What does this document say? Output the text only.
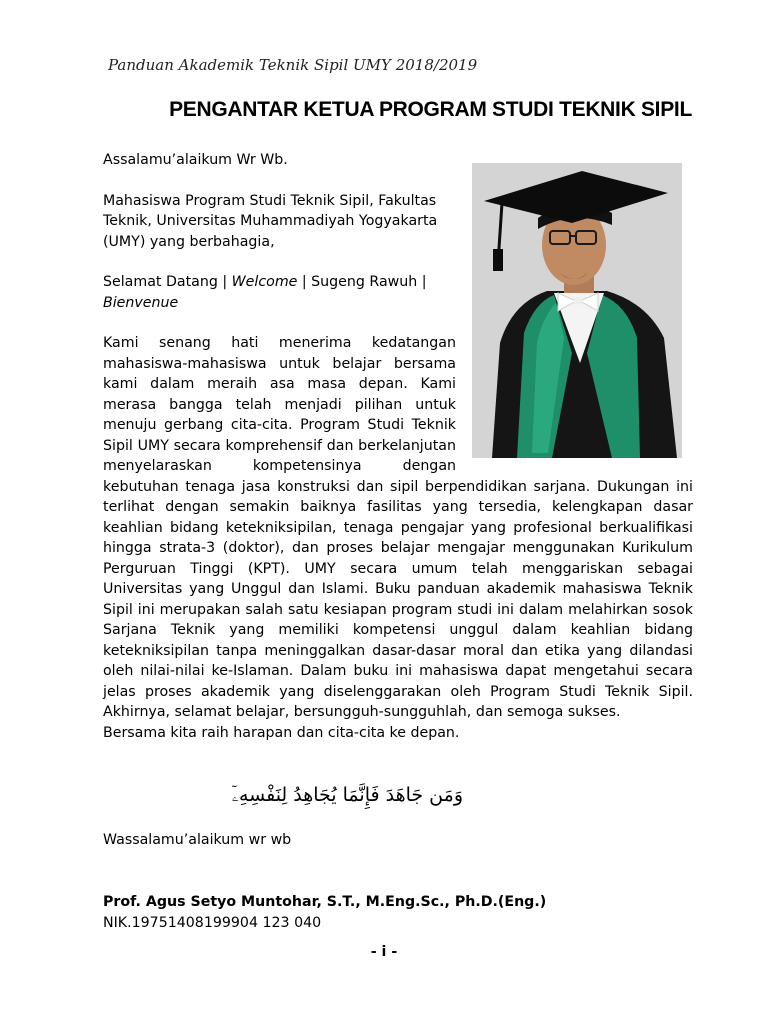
Panduan Akademik Teknik Sipil UMY 2018/2019
PENGANTAR KETUA PROGRAM STUDI TEKNIK SIPIL
Assalamu’alaikum Wr Wb.
Mahasiswa Program Studi Teknik Sipil, Fakultas Teknik, Universitas Muhammadiyah Yogyakarta (UMY) yang berbahagia,
Selamat Datang | Welcome | Sugeng Rawuh | Bienvenue
Kami senang hati menerima kedatangan mahasiswa-mahasiswa untuk belajar bersama kami dalam meraih asa masa depan. Kami merasa bangga telah menjadi pilihan untuk menuju gerbang cita-cita. Program Studi Teknik Sipil UMY secara komprehensif dan berkelanjutan menyelaraskan kompetensinya dengan kebutuhan tenaga jasa konstruksi dan sipil berpendidikan sarjana. Dukungan ini terlihat dengan semakin baiknya fasilitas yang tersedia, kelengkapan dasar keahlian bidang keteknіksipilan, tenaga pengajar yang profesional berkualifikasi hingga strata-3 (doktor), dan proses belajar mengajar menggunakan Kurikulum Perguruan Tinggi (KPT). UMY secara umum telah menggariskan sebagai Universitas yang Unggul dan Islami. Buku panduan akademik mahasiswa Teknik Sipil ini merupakan salah satu kesiapan program studi ini dalam melahirkan sosok Sarjana Teknik yang memiliki kompetensi unggul dalam keahlian bidang keteknіksipilan tanpa meninggalkan dasar-dasar moral dan etika yang dilandasi oleh nilai-nilai ke-Islaman. Dalam buku ini mahasiswa dapat mengetahui secara jelas proses akademik yang diselenggarakan oleh Program Studi Teknik Sipil. Akhirnya, selamat belajar, bersungguh-sungguhlah, dan semoga sukses.
Bersama kita raih harapan dan cita-cita ke depan.
وَمَن جَاهَدَ فَإِنَّمَا يُجَاهِدُ لِنَفْسِهِۦٓ
Wassalamu’alaikum wr wb
Prof. Agus Setyo Muntohar, S.T., M.Eng.Sc., Ph.D.(Eng.)
NIK.19751408199904 123 040
- i -
